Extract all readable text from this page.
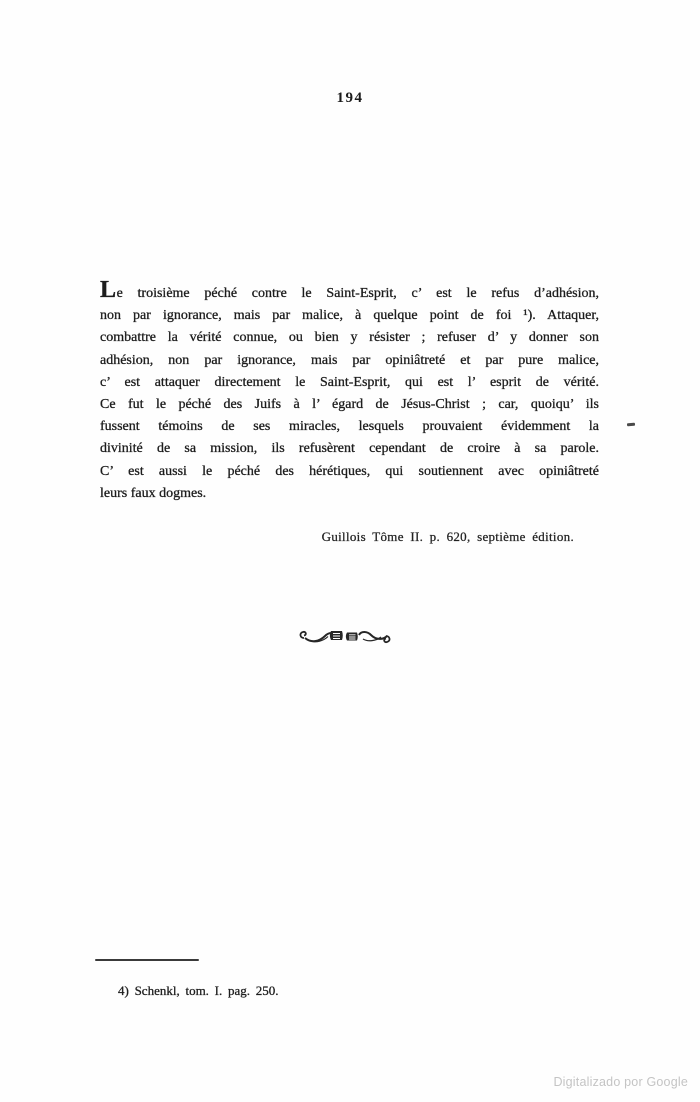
194
Le troisième péché contre le Saint-Esprit, c’ est le refus d’adhésion,
non par ignorance, mais par malice, à quelque point de foi ¹). Attaquer,
combattre la vérité connue, ou bien y résister ; refuser d’ y donner son
adhésion, non par ignorance, mais par opiniâtreté et par pure malice,
c’ est attaquer directement le Saint-Esprit, qui est l’ esprit de vérité.
Ce fut le péché des Juifs à l’ égard de Jésus-Christ ; car, quoiqu’ ils
fussent témoins de ses miracles, lesquels prouvaient évidemment la
divinité de sa mission, ils refusèrent cependant de croire à sa parole.
C’ est aussi le péché des hérétiques, qui soutiennent avec opiniâtreté
leurs faux dogmes.
Guillois Tôme II. p. 620, septième édition.
4) Schenkl, tom. I. pag. 250.
Digitalizado por Google
